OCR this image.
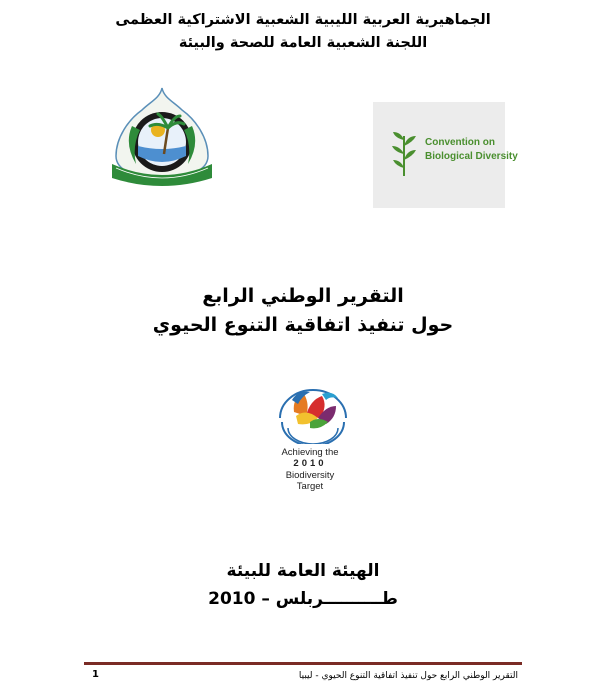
الجماهيرية العربية الليبية الشعبية الاشتراكية العظمى
اللجنة الشعبية العامة للصحة والبيئة
Convention on
Biological Diversity
التقرير الوطني الرابع
حول تنفيذ اتفاقية التنوع الحيوي
Achieving the
2010
Biodiversity
Target
الهيئة العامة للبيئة
طــــــــــربلس – 2010
التقرير الوطني الرابع حول تنفيذ اتفاقية التنوع الحيوي - ليبيا
1
